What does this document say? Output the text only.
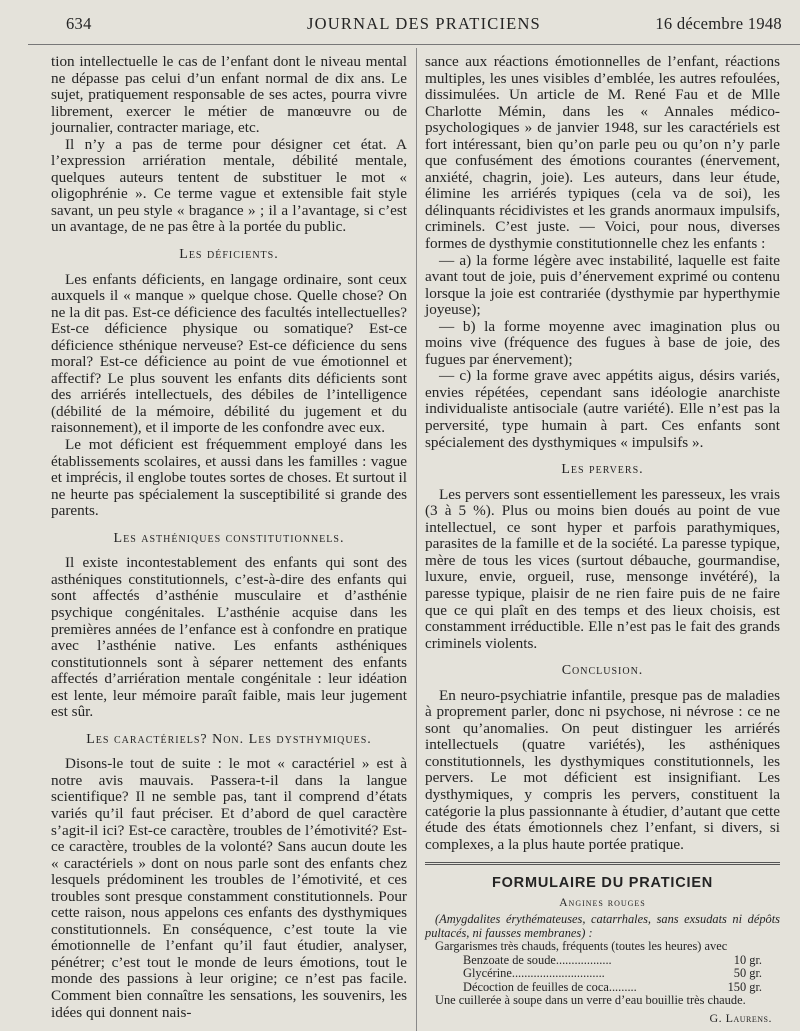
634	JOURNAL DES PRATICIENS	16 décembre 1948

tion intellectuelle le cas de l’enfant dont le niveau mental ne dépasse pas celui d’un enfant normal de dix ans. Le sujet, pratiquement responsable de ses actes, pourra vivre librement, exercer le métier de manœuvre ou de journalier, contracter mariage, etc.

Il n’y a pas de terme pour désigner cet état. A l’expression arriération mentale, débilité mentale, quelques auteurs tentent de substituer le mot « oligophrénie ». Ce terme vague et extensible fait style savant, un peu style « bragance » ; il a l’avantage, si c’est un avantage, de ne pas être à la portée du public.

Les déficients.

Les enfants déficients, en langage ordinaire, sont ceux auxquels il « manque » quelque chose. Quelle chose? On ne la dit pas. Est-ce déficience des facultés intellectuelles? Est-ce déficience physique ou somatique? Est-ce déficience sthénique nerveuse? Est-ce déficience du sens moral? Est-ce déficience au point de vue émotionnel et affectif? Le plus souvent les enfants dits déficients sont des arriérés intellectuels, des débiles de l’intelligence (débilité de la mémoire, débilité du jugement et du raisonnement), et il importe de les confondre avec eux.

Le mot déficient est fréquemment employé dans les établissements scolaires, et aussi dans les familles : vague et imprécis, il englobe toutes sortes de choses. Et surtout il ne heurte pas spécialement la susceptibilité si grande des parents.

Les asthéniques constitutionnels.

Il existe incontestablement des enfants qui sont des asthéniques constitutionnels, c’est-à-dire des enfants qui sont affectés d’asthénie musculaire et d’asthénie psychique congénitales. L’asthénie acquise dans les premières années de l’enfance est à confondre en pratique avec l’asthénie native. Les enfants asthéniques constitutionnels sont à séparer nettement des enfants affectés d’arriération mentale congénitale : leur idéation est lente, leur mémoire paraît faible, mais leur jugement est sûr.

Les caractériels? Non. Les dysthymiques.

Disons-le tout de suite : le mot « caractériel » est à notre avis mauvais. Passera-t-il dans la langue scientifique? Il ne semble pas, tant il comprend d’états variés qu’il faut préciser. Et d’abord de quel caractère s’agit-il ici? Est-ce caractère, troubles de l’émotivité? Est-ce caractère, troubles de la volonté? Sans aucun doute les « caractériels » dont on nous parle sont des enfants chez lesquels prédominent les troubles de l’émotivité, et ces troubles sont presque constamment constitutionnels. Pour cette raison, nous appelons ces enfants des dysthymiques constitutionnels. En conséquence, c’est toute la vie émotionnelle de l’enfant qu’il faut étudier, analyser, pénétrer; c’est tout le monde de leurs émotions, tout le monde des passions à leur origine; ce n’est pas facile. Comment bien connaître les sensations, les souvenirs, les idées qui donnent nais-

sance aux réactions émotionnelles de l’enfant, réactions multiples, les unes visibles d’emblée, les autres refoulées, dissimulées. Un article de M. René Fau et de Mlle Charlotte Mémin, dans les « Annales médico-psychologiques » de janvier 1948, sur les caractériels est fort intéressant, bien qu’on parle peu ou qu’on n’y parle que confusément des émotions courantes (énervement, anxiété, chagrin, joie). Les auteurs, dans leur étude, élimine les arriérés typiques (cela va de soi), les délinquants récidivistes et les grands anormaux impulsifs, criminels. C’est juste. — Voici, pour nous, diverses formes de dysthymie constitutionnelle chez les enfants :

— a) la forme légère avec instabilité, laquelle est faite avant tout de joie, puis d’énervement exprimé ou contenu lorsque la joie est contrariée (dysthymie par hyperthymie joyeuse);

— b) la forme moyenne avec imagination plus ou moins vive (fréquence des fugues à base de joie, des fugues par énervement);

— c) la forme grave avec appétits aigus, désirs variés, envies répétées, cependant sans idéologie anarchiste individualiste antisociale (autre variété). Elle n’est pas la perversité, type humain à part. Ces enfants sont spécialement des dysthymiques « impulsifs ».

Les pervers.

Les pervers sont essentiellement les paresseux, les vrais (3 à 5 %). Plus ou moins bien doués au point de vue intellectuel, ce sont hyper et parfois parathymiques, parasites de la famille et de la société. La paresse typique, mère de tous les vices (surtout débauche, gourmandise, luxure, envie, orgueil, ruse, mensonge invétéré), la paresse typique, plaisir de ne rien faire puis de ne faire que ce qui plaît en des temps et des lieux choisis, est constamment irréductible. Elle n’est pas le fait des grands criminels violents.

Conclusion.

En neuro-psychiatrie infantile, presque pas de maladies à proprement parler, donc ni psychose, ni névrose : ce ne sont qu’anomalies. On peut distinguer les arriérés intellectuels (quatre variétés), les asthéniques constitutionnels, les dysthymiques constitutionnels, les pervers. Le mot déficient est insignifiant. Les dysthymiques, y compris les pervers, constituent la catégorie la plus passionnante à étudier, d’autant que cette étude des états émotionnels chez l’enfant, si divers, si complexes, a la plus haute portée pratique.

FORMULAIRE DU PRATICIEN
Angines rouges

(Amygdalites érythémateuses, catarrhales, sans exsudats ni dépôts pultacés, ni fausses membranes) :

Gargarismes très chauds, fréquents (toutes les heures) avec

Benzoate de soude..................	10 gr.
Glycérine..............................	50 gr.
Décoction de feuilles de coca.........	150 gr.

Une cuillerée à soupe dans un verre d’eau bouillie très chaude.

G. Laurens.
